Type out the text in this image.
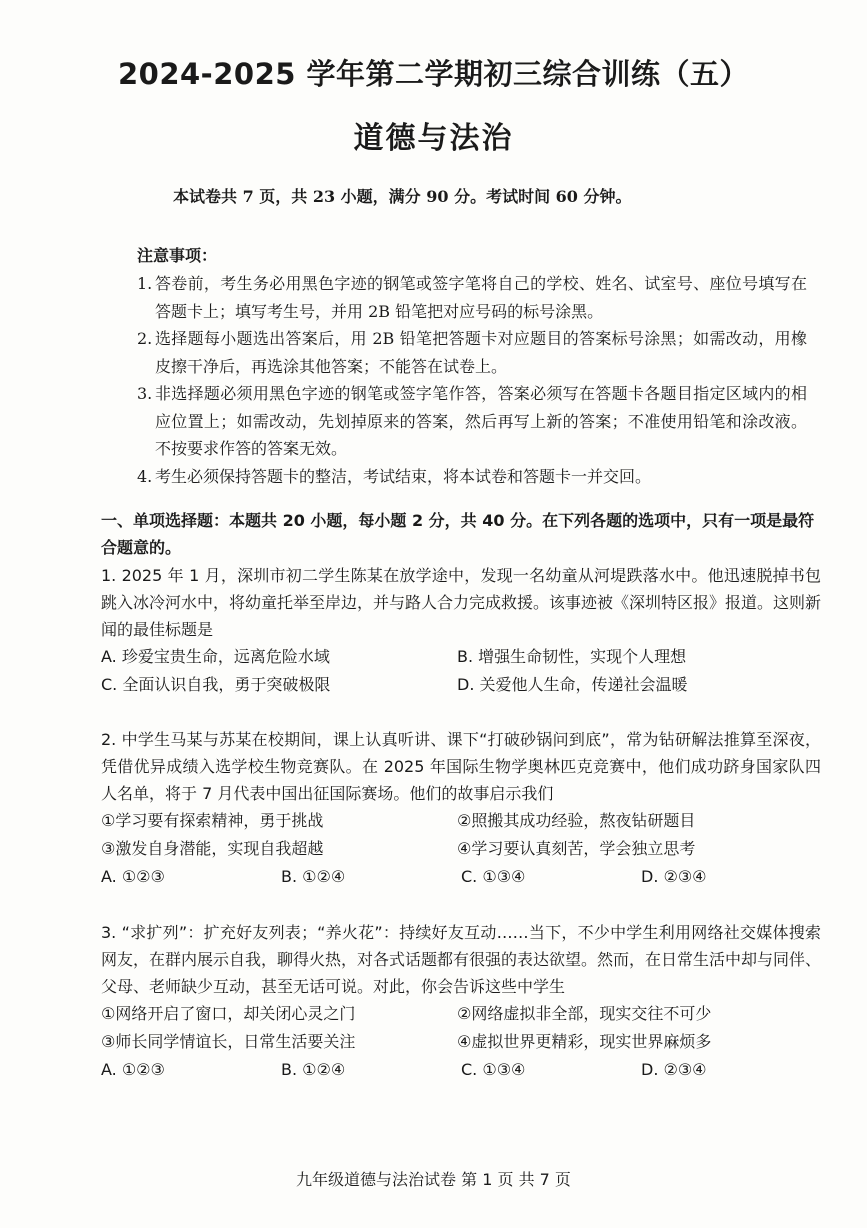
2024-2025 学年第二学期初三综合训练（五）
道德与法治
本试卷共 7 页，共 23 小题，满分 90 分。考试时间 60 分钟。
注意事项：
1. 答卷前，考生务必用黑色字迹的钢笔或签字笔将自己的学校、姓名、试室号、座位号填写在答题卡上；填写考生号，并用 2B 铅笔把对应号码的标号涂黑。
2. 选择题每小题选出答案后，用 2B 铅笔把答题卡对应题目的答案标号涂黑；如需改动，用橡皮擦干净后，再选涂其他答案；不能答在试卷上。
3. 非选择题必须用黑色字迹的钢笔或签字笔作答，答案必须写在答题卡各题目指定区域内的相应位置上；如需改动，先划掉原来的答案，然后再写上新的答案；不准使用铅笔和涂改液。不按要求作答的答案无效。
4. 考生必须保持答题卡的整洁，考试结束，将本试卷和答题卡一并交回。
一、单项选择题：本题共 20 小题，每小题 2 分，共 40 分。在下列各题的选项中，只有一项是最符合题意的。
1. 2025 年 1 月，深圳市初二学生陈某在放学途中，发现一名幼童从河堤跌落水中。他迅速脱掉书包跳入冰冷河水中，将幼童托举至岸边，并与路人合力完成救援。该事迹被《深圳特区报》报道。这则新闻的最佳标题是
A. 珍爱宝贵生命，远离危险水域	B. 增强生命韧性，实现个人理想
C. 全面认识自我，勇于突破极限	D. 关爱他人生命，传递社会温暖
2. 中学生马某与苏某在校期间，课上认真听讲、课下“打破砂锅问到底”，常为钻研解法推算至深夜，凭借优异成绩入选学校生物竞赛队。在 2025 年国际生物学奥林匹克竞赛中，他们成功跻身国家队四人名单，将于 7 月代表中国出征国际赛场。他们的故事启示我们
①学习要有探索精神，勇于挑战	②照搬其成功经验，熬夜钻研题目
③激发自身潜能，实现自我超越	④学习要认真刻苦，学会独立思考
A. ①②③	B. ①②④	C. ①③④	D. ②③④
3. “求扩列”：扩充好友列表；“养火花”：持续好友互动……当下，不少中学生利用网络社交媒体搜索网友，在群内展示自我，聊得火热，对各式话题都有很强的表达欲望。然而，在日常生活中却与同伴、父母、老师缺少互动，甚至无话可说。对此，你会告诉这些中学生
①网络开启了窗口，却关闭心灵之门	②网络虚拟非全部，现实交往不可少
③师长同学情谊长，日常生活要关注	④虚拟世界更精彩，现实世界麻烦多
A. ①②③	B. ①②④	C. ①③④	D. ②③④
九年级道德与法治试卷 第 1 页 共 7 页
